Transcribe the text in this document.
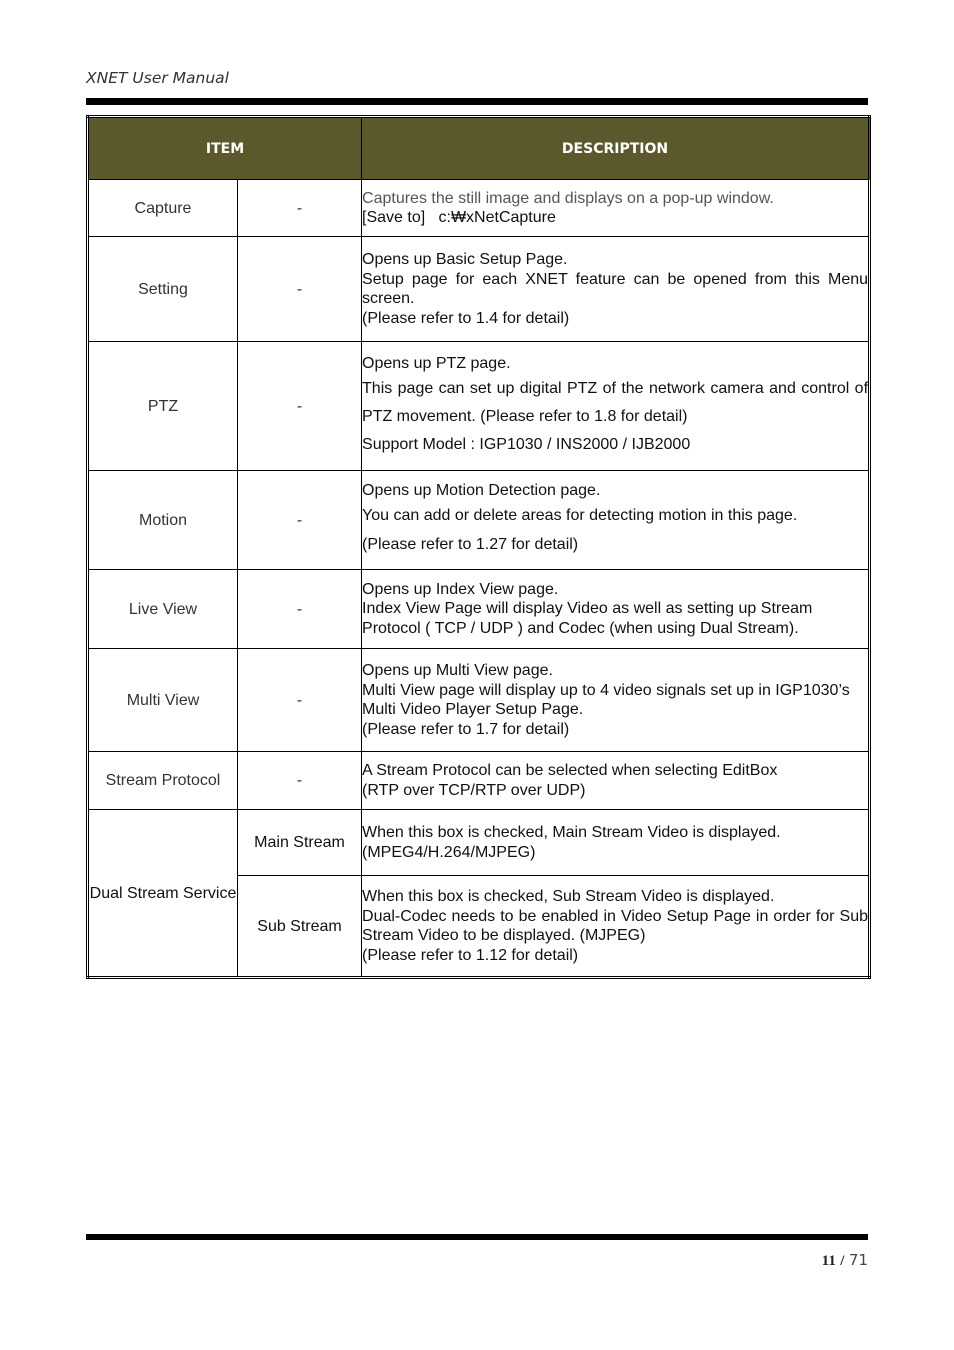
XNET User Manual
ITEM		DESCRIPTION
Capture	-	Captures the still image and displays on a pop-up window.

[Save to]   c:₩xNetCapture

Setting	-	Opens up Basic Setup Page.

Setup page for each XNET feature can be opened from this Menu screen.

(Please refer to 1.4 for detail)

PTZ	-	Opens up PTZ page.

This page can set up digital PTZ of the network camera and control of PTZ movement. (Please refer to 1.8 for detail)

Support Model : IGP1030 / INS2000 / IJB2000

Motion	-	Opens up Motion Detection page.

You can add or delete areas for detecting motion in this page.

(Please refer to 1.27 for detail)

Live View	-	Opens up Index View page.

Index View Page will display Video as well as setting up Stream Protocol ( TCP / UDP ) and Codec (when using Dual Stream).

Multi View	-	Opens up Multi View page.

Multi View page will display up to 4 video signals set up in IGP1030’s Multi Video Player Setup Page.

(Please refer to 1.7 for detail)

Stream Protocol	-	A Stream Protocol can be selected when selecting EditBox

(RTP over TCP/RTP over UDP)

Dual Stream Service	Main Stream	When this box is checked, Main Stream Video is displayed.

(MPEG4/H.264/MJPEG)

	Sub Stream	When this box is checked, Sub Stream Video is displayed.

Dual-Codec needs to be enabled in Video Setup Page in order for Sub Stream Video to be displayed. (MJPEG)

(Please refer to 1.12 for detail)

11 / 71
